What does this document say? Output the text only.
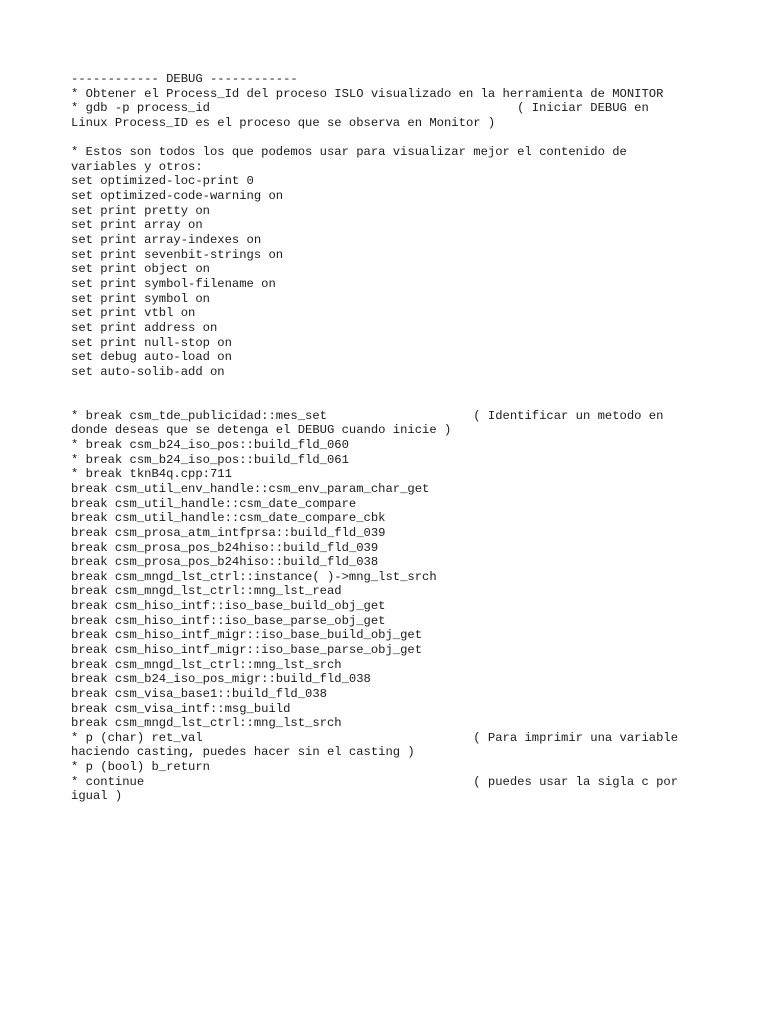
------------ DEBUG ------------
* Obtener el Process_Id del proceso ISLO visualizado en la herramienta de MONITOR
* gdb -p process_id                                          ( Iniciar DEBUG en
Linux Process_ID es el proceso que se observa en Monitor )

* Estos son todos los que podemos usar para visualizar mejor el contenido de
variables y otros:
set optimized-loc-print 0
set optimized-code-warning on
set print pretty on
set print array on
set print array-indexes on
set print sevenbit-strings on
set print object on
set print symbol-filename on
set print symbol on
set print vtbl on
set print address on
set print null-stop on
set debug auto-load on
set auto-solib-add on

* break csm_tde_publicidad::mes_set                    ( Identificar un metodo en
donde deseas que se detenga el DEBUG cuando inicie )
* break csm_b24_iso_pos::build_fld_060
* break csm_b24_iso_pos::build_fld_061
* break tknB4q.cpp:711
break csm_util_env_handle::csm_env_param_char_get
break csm_util_handle::csm_date_compare
break csm_util_handle::csm_date_compare_cbk
break csm_prosa_atm_intfprsa::build_fld_039
break csm_prosa_pos_b24hiso::build_fld_039
break csm_prosa_pos_b24hiso::build_fld_038
break csm_mngd_lst_ctrl::instance( )->mng_lst_srch
break csm_mngd_lst_ctrl::mng_lst_read
break csm_hiso_intf::iso_base_build_obj_get
break csm_hiso_intf::iso_base_parse_obj_get
break csm_hiso_intf_migr::iso_base_build_obj_get
break csm_hiso_intf_migr::iso_base_parse_obj_get
break csm_mngd_lst_ctrl::mng_lst_srch
break csm_b24_iso_pos_migr::build_fld_038
break csm_visa_base1::build_fld_038
break csm_visa_intf::msg_build
break csm_mngd_lst_ctrl::mng_lst_srch
* p (char) ret_val                                     ( Para imprimir una variable
haciendo casting, puedes hacer sin el casting )
* p (bool) b_return
* continue                                             ( puedes usar la sigla c por
igual )
